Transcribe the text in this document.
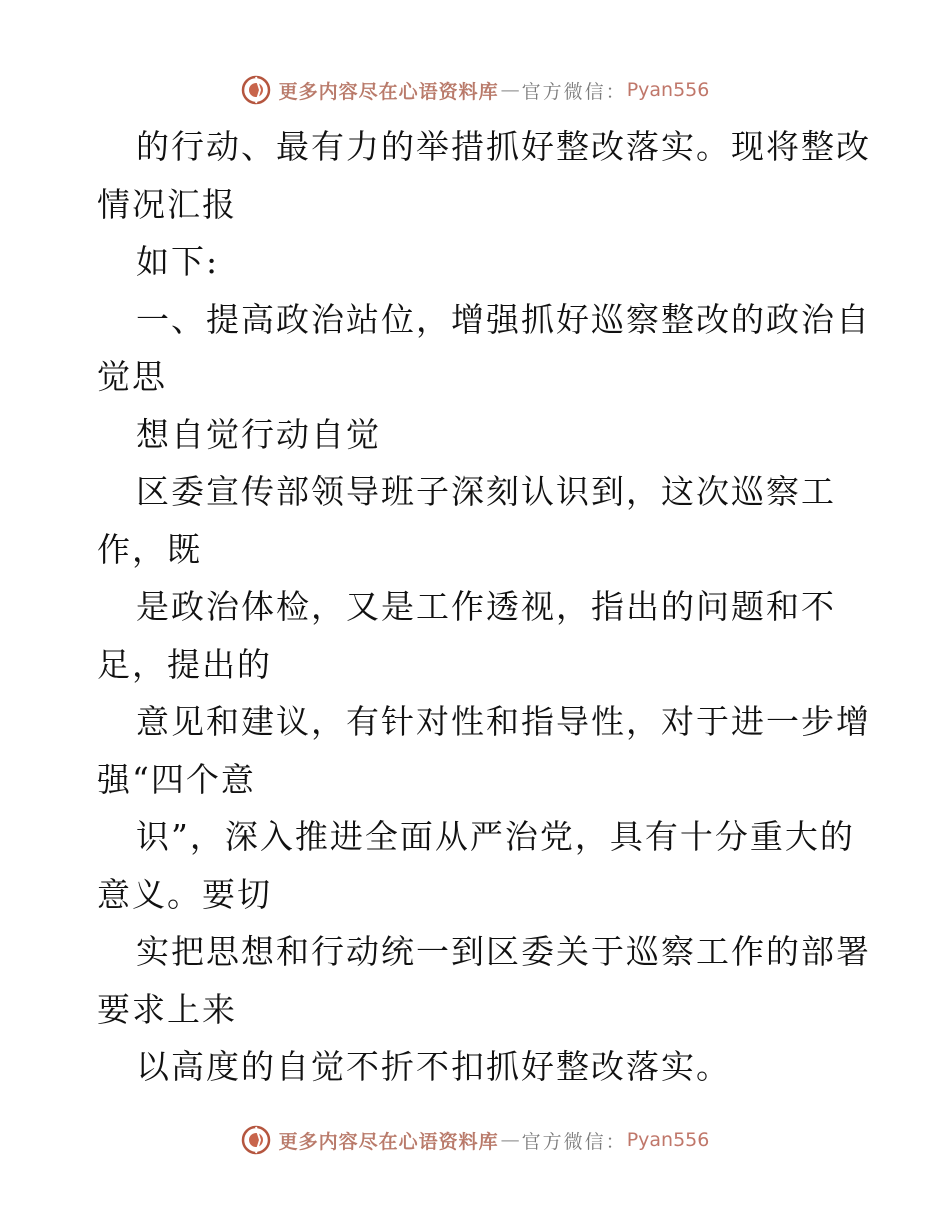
更多内容尽在心语资料库 — 官方微信： Pyan556
的行动、最有力的举措抓好整改落实。现将整改
情况汇报
如下:
一、提高政治站位，增强抓好巡察整改的政治自
觉思
想自觉行动自觉
区委宣传部领导班子深刻认识到，这次巡察工
作，既
是政治体检，又是工作透视，指出的问题和不
足，提出的
意见和建议，有针对性和指导性，对于进一步增
强“四个意
识”，深入推进全面从严治党，具有十分重大的
意义。要切
实把思想和行动统一到区委关于巡察工作的部署
要求上来
以高度的自觉不折不扣抓好整改落实。
更多内容尽在心语资料库 — 官方微信： Pyan556
